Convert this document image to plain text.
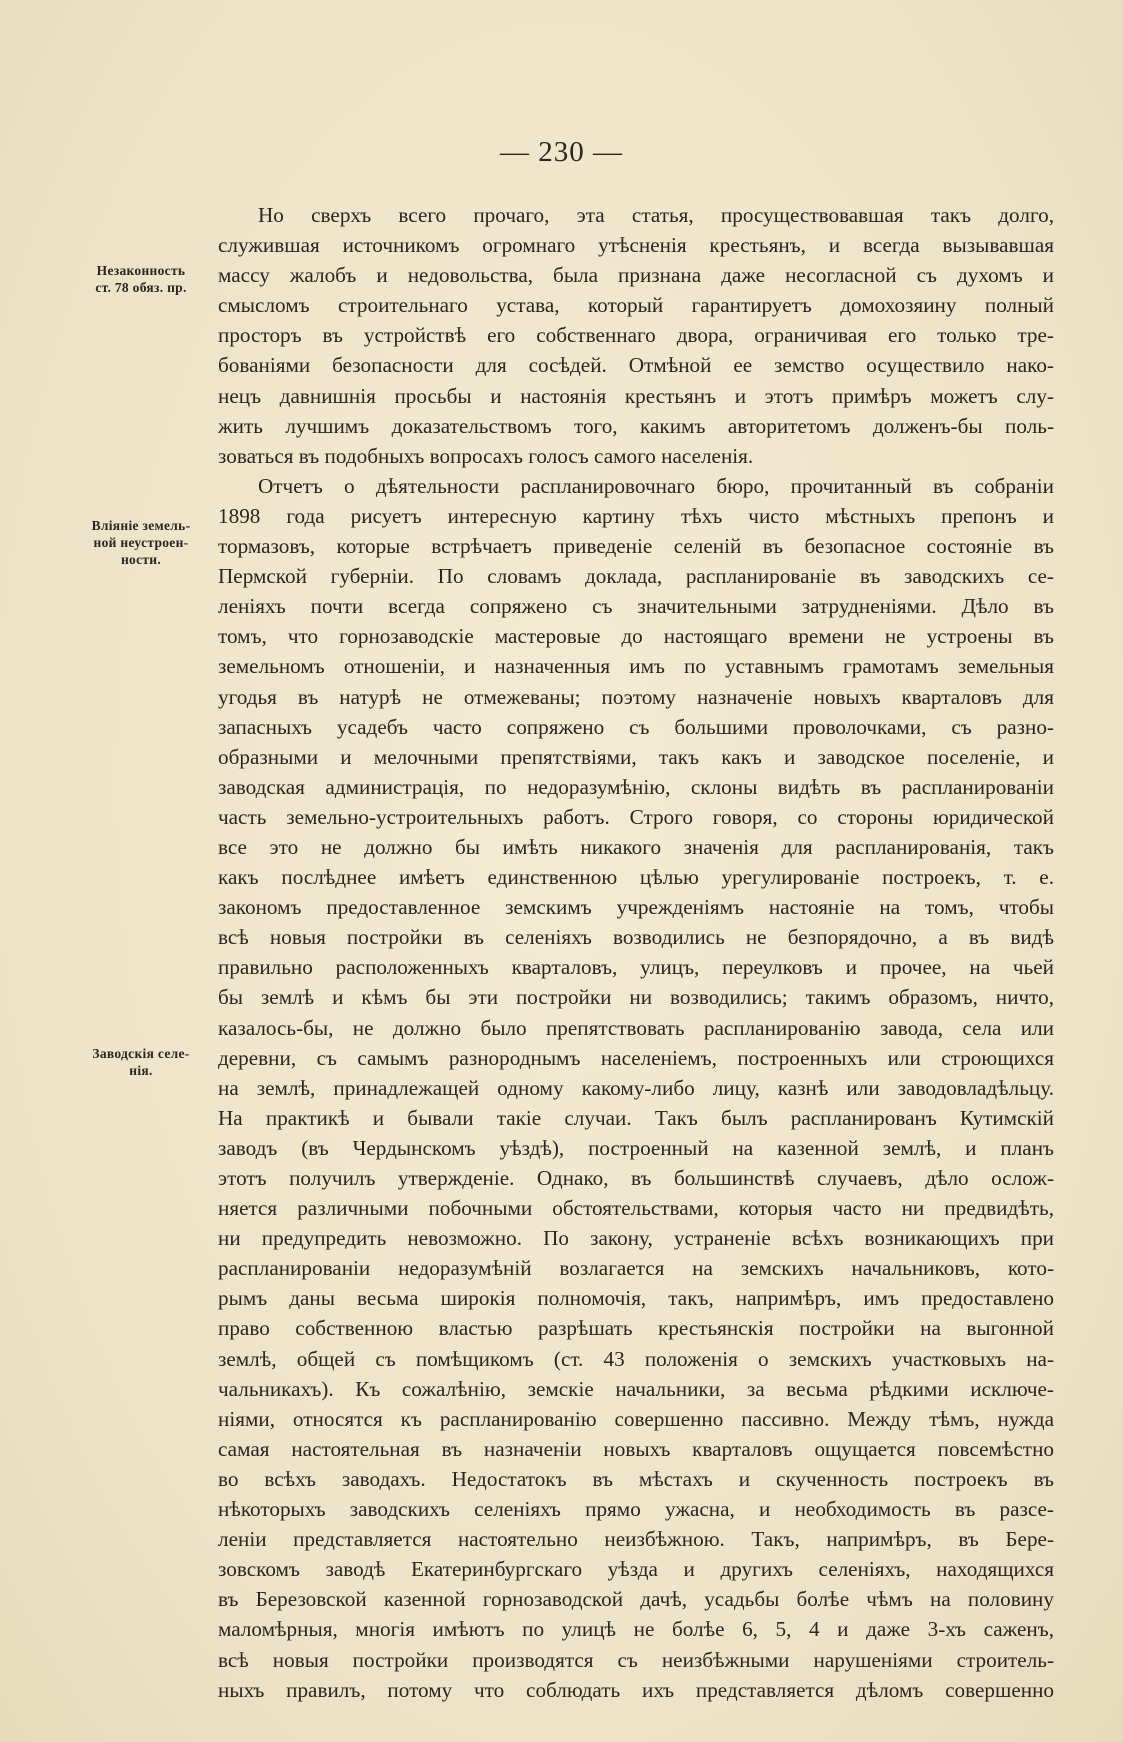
— 230 —
Незаконность
ст. 78 обяз. пр.
Вліяніе земель-
ной неустроен-
ности.
Заводскія селе-
нія.
Но сверхъ всего прочаго, эта статья, просуществовавшая такъ долго,
служившая источникомъ огромнаго утѣсненія крестьянъ, и всегда вызывавшая
массу жалобъ и недовольства, была признана даже несогласной съ духомъ и
смысломъ строительнаго устава, который гарантируетъ домохозяину полный
просторъ въ устройствѣ его собственнаго двора, ограничивая его только тре-
бованіями безопасности для сосѣдей. Отмѣной ее земство осуществило нако-
нецъ давнишнія просьбы и настоянія крестьянъ и этотъ примѣръ можетъ слу-
жить лучшимъ доказательствомъ того, какимъ авторитетомъ долженъ-бы поль-
зоваться въ подобныхъ вопросахъ голосъ самого населенія.
Отчетъ о дѣятельности распланировочнаго бюро, прочитанный въ собраніи
1898 года рисуетъ интересную картину тѣхъ чисто мѣстныхъ препонъ и
тормазовъ, которые встрѣчаетъ приведеніе селеній въ безопасное состояніе въ
Пермской губерніи. По словамъ доклада, распланированіе въ заводскихъ се-
леніяхъ почти всегда сопряжено съ значительными затрудненіями. Дѣло въ
томъ, что горнозаводскіе мастеровые до настоящаго времени не устроены въ
земельномъ отношеніи, и назначенныя имъ по уставнымъ грамотамъ земельныя
угодья въ натурѣ не отмежеваны; поэтому назначеніе новыхъ кварталовъ для
запасныхъ усадебъ часто сопряжено съ большими проволочками, съ разно-
образными и мелочными препятствіями, такъ какъ и заводское поселеніе, и
заводская администрація, по недоразумѣнію, склоны видѣть въ распланированіи
часть земельно-устроительныхъ работъ. Строго говоря, со стороны юридической
все это не должно бы имѣть никакого значенія для распланированія, такъ
какъ послѣднее имѣетъ единственною цѣлью урегулированіе построекъ, т. е.
закономъ предоставленное земскимъ учрежденіямъ настояніе на томъ, чтобы
всѣ новыя постройки въ селеніяхъ возводились не безпорядочно, а въ видѣ
правильно расположенныхъ кварталовъ, улицъ, переулковъ и прочее, на чьей
бы землѣ и кѣмъ бы эти постройки ни возводились; такимъ образомъ, ничто,
казалось-бы, не должно было препятствовать распланированію завода, села или
деревни, съ самымъ разнороднымъ населеніемъ, построенныхъ или строющихся
на землѣ, принадлежащей одному какому-либо лицу, казнѣ или заводовладѣльцу.
На практикѣ и бывали такіе случаи. Такъ былъ распланированъ Кутимскій
заводъ (въ Чердынскомъ уѣздѣ), построенный на казенной землѣ, и планъ
этотъ получилъ утвержденіе. Однако, въ большинствѣ случаевъ, дѣло ослож-
няется различными побочными обстоятельствами, которыя часто ни предвидѣть,
ни предупредить невозможно. По закону, устраненіе всѣхъ возникающихъ при
распланированіи недоразумѣній возлагается на земскихъ начальниковъ, кото-
рымъ даны весьма широкія полномочія, такъ, напримѣръ, имъ предоставлено
право собственною властью разрѣшать крестьянскія постройки на выгонной
землѣ, общей съ помѣщикомъ (ст. 43 положенія о земскихъ участковыхъ на-
чальникахъ). Къ сожалѣнію, земскіе начальники, за весьма рѣдкими исключе-
ніями, относятся къ распланированію совершенно пассивно. Между тѣмъ, нужда
самая настоятельная въ назначеніи новыхъ кварталовъ ощущается повсемѣстно
во всѣхъ заводахъ. Недостатокъ въ мѣстахъ и скученность построекъ въ
нѣкоторыхъ заводскихъ селеніяхъ прямо ужасна, и необходимость въ разсе-
леніи представляется настоятельно неизбѣжною. Такъ, напримѣръ, въ Бере-
зовскомъ заводѣ Екатеринбургскаго уѣзда и другихъ селеніяхъ, находящихся
въ Березовской казенной горнозаводской дачѣ, усадьбы болѣе чѣмъ на половину
маломѣрныя, многія имѣютъ по улицѣ не болѣе 6, 5, 4 и даже 3-хъ саженъ,
всѣ новыя постройки производятся съ неизбѣжными нарушеніями строитель-
ныхъ правилъ, потому что соблюдать ихъ представляется дѣломъ совершенно
